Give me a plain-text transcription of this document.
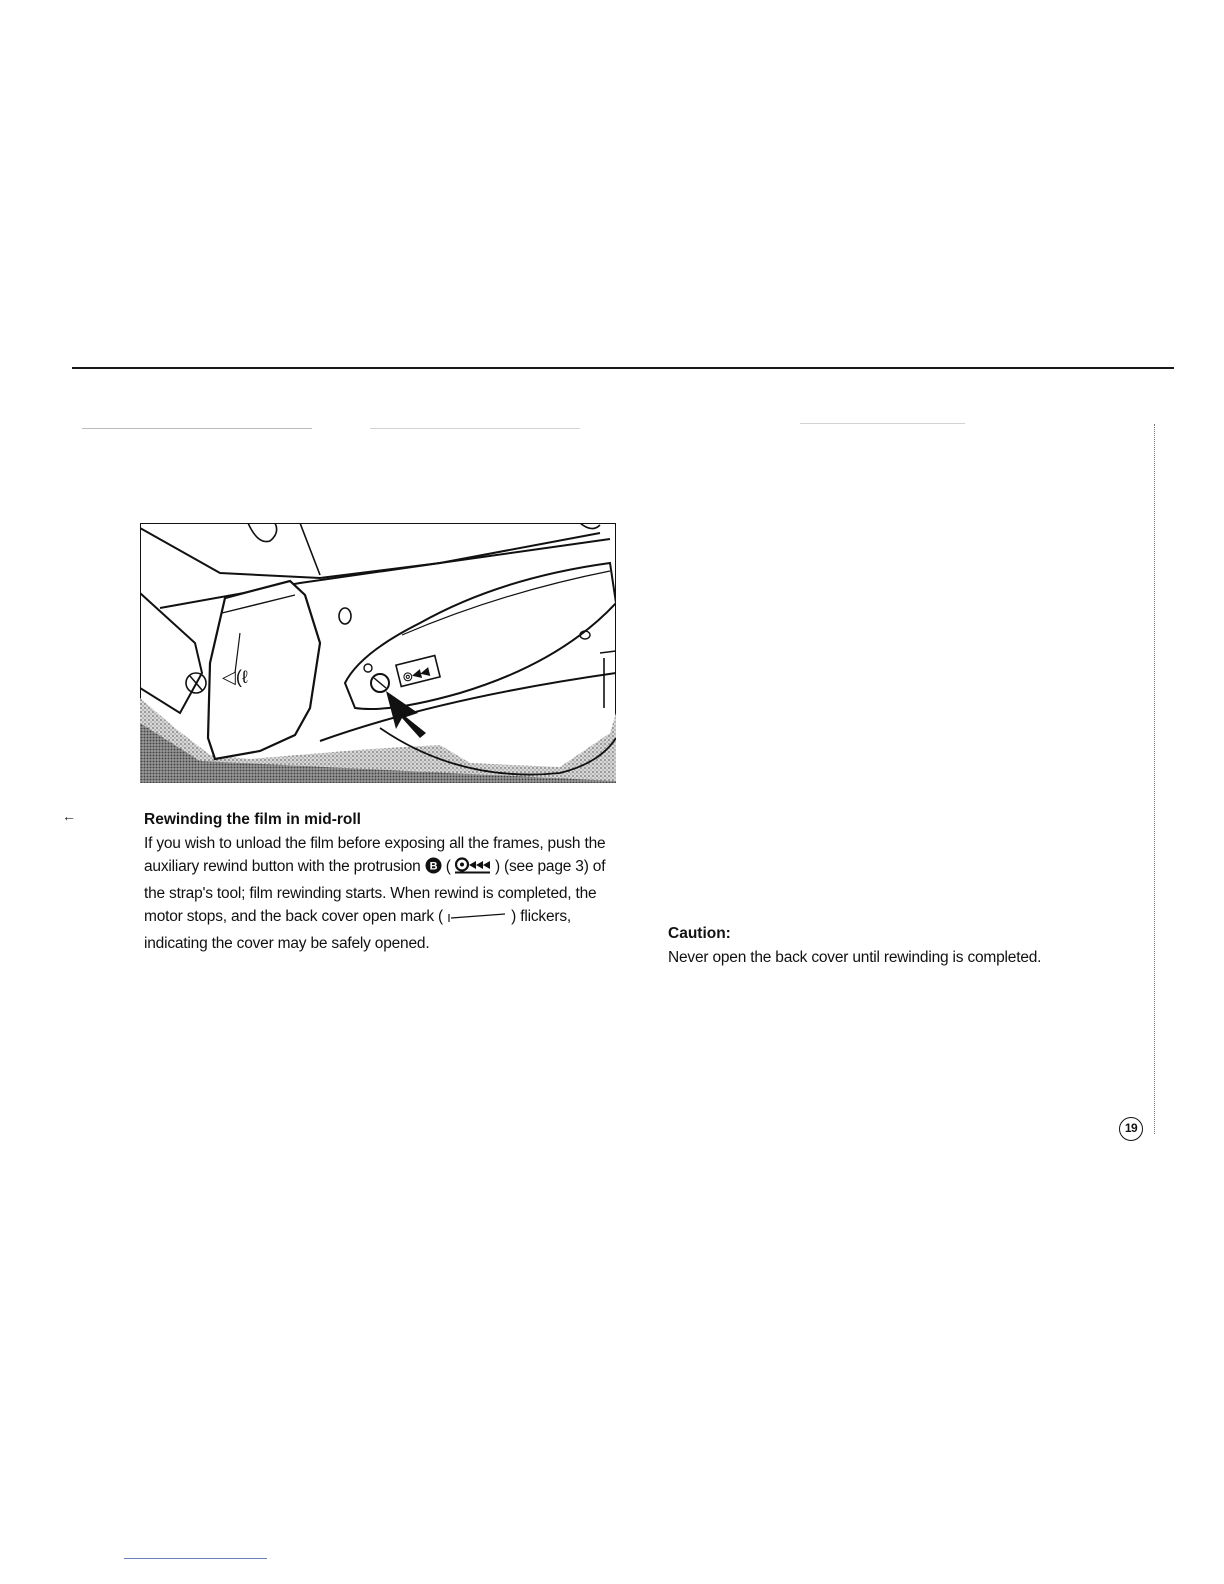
←
◁(ℓ	◎◀◀

Rewinding the film in mid-roll

If you wish to unload the film before exposing all the frames, push the auxiliary rewind button with the protrusion B (  ) (see page 3) of the strap's tool; film rewinding starts. When rewind is completed, the motor stops, and the back cover open mark (	) flickers, indicating the cover may be safely opened.

Caution:

Never open the back cover until rewinding is completed.

19
